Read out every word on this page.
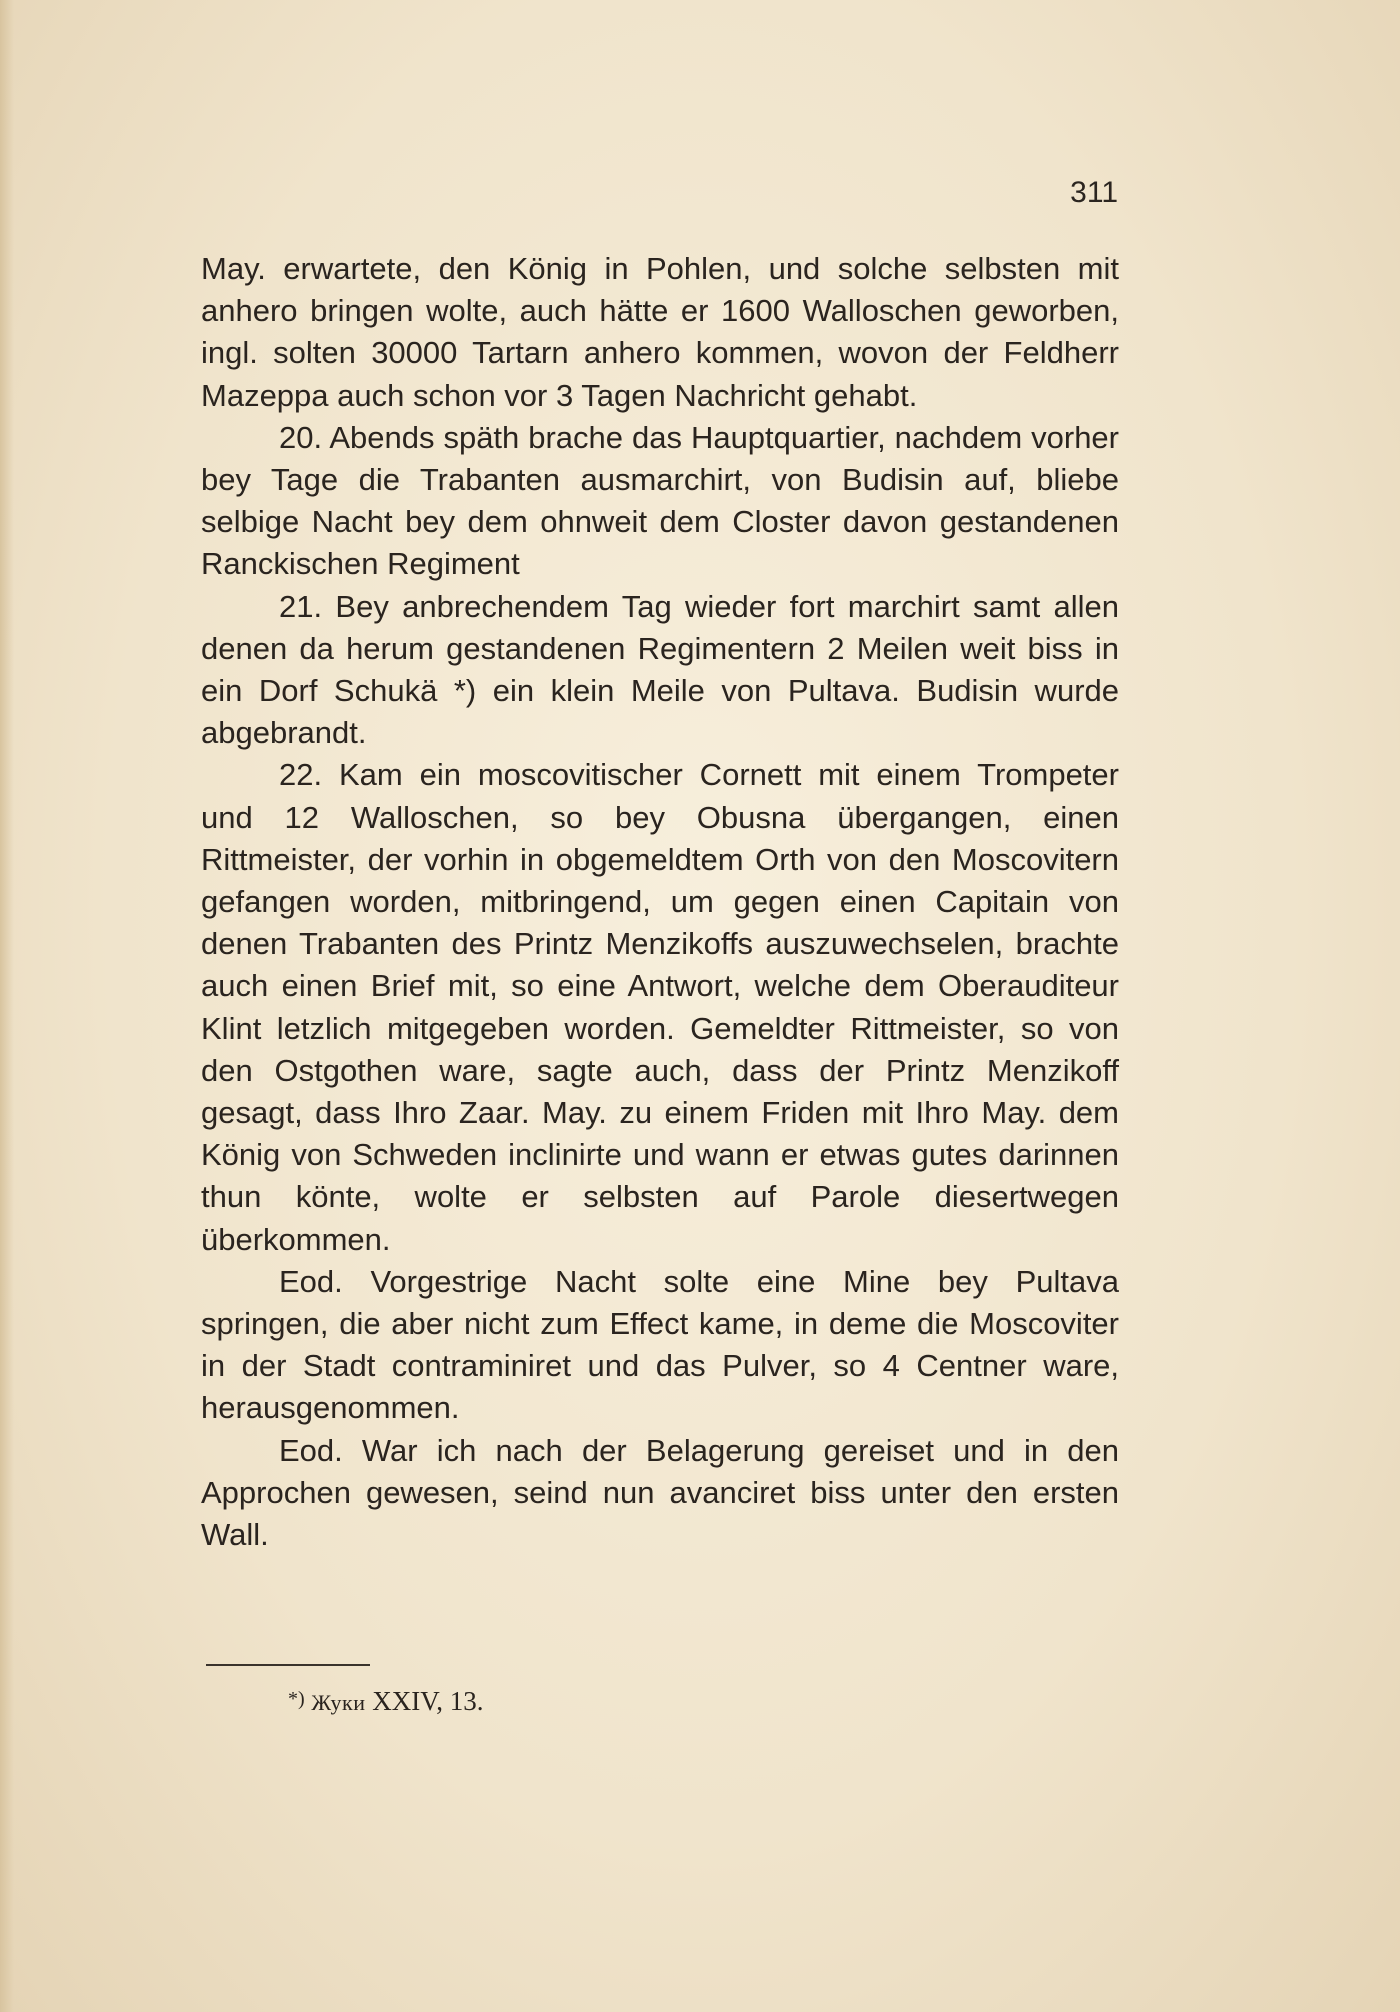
311

May. erwartete, den König in Pohlen, und solche selbsten mit anhero bringen wolte, auch hätte er 1600 Walloschen geworben, ingl. solten 30000 Tartarn anhero kommen, wovon der Feldherr Mazeppa auch schon vor 3 Tagen Nachricht gehabt.

20. Abends späth brache das Hauptquartier, nachdem vorher bey Tage die Trabanten ausmarchirt, von Budisin auf, bliebe selbige Nacht bey dem ohnweit dem Closter davon gestandenen Ranckischen Regiment

21. Bey anbrechendem Tag wieder fort marchirt samt allen denen da herum gestandenen Regimentern 2 Meilen weit biss in ein Dorf Schukä *) ein klein Meile von Pultava. Budisin wurde abgebrandt.

22. Kam ein moscovitischer Cornett mit einem Trompeter und 12 Walloschen, so bey Obusna übergangen, einen Rittmeister, der vorhin in obgemeldtem Orth von den Moscovitern gefangen worden, mitbringend, um gegen einen Capitain von denen Trabanten des Printz Menzikoffs auszuwechselen, brachte auch einen Brief mit, so eine Antwort, welche dem Oberauditeur Klint letzlich mitgegeben worden. Gemeldter Rittmeister, so von den Ostgothen ware, sagte auch, dass der Printz Menzikoff gesagt, dass Ihro Zaar. May. zu einem Friden mit Ihro May. dem König von Schweden inclinirte und wann er etwas gutes darinnen thun könte, wolte er selbsten auf Parole diesertwegen überkommen.

Eod. Vorgestrige Nacht solte eine Mine bey Pultava springen, die aber nicht zum Effect kame, in deme die Moscoviter in der Stadt contraminiret und das Pulver, so 4 Centner ware, herausgenommen.

Eod. War ich nach der Belagerung gereiset und in den Approchen gewesen, seind nun avanciret biss unter den ersten Wall.

*) Жуки XXIV, 13.
